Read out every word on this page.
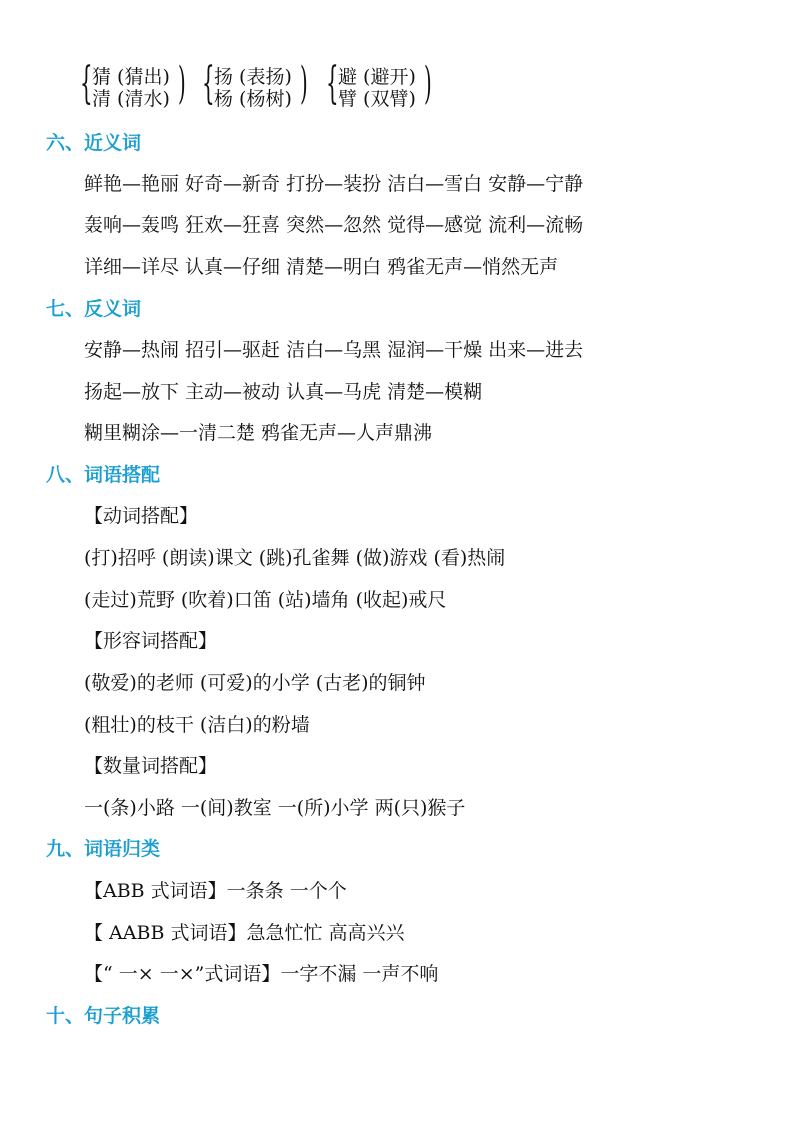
{ 猜 (猜出)
清 (清水) ) { 扬 (表扬)
杨 (杨树) ) { 避 (避开)
臂 (双臂) )
六、近义词
鲜艳—艳丽 好奇—新奇 打扮—装扮 洁白—雪白 安静—宁静
轰响—轰鸣 狂欢—狂喜 突然—忽然 觉得—感觉 流利—流畅
详细—详尽 认真—仔细 清楚—明白 鸦雀无声—悄然无声
七、反义词
安静—热闹 招引—驱赶 洁白—乌黑 湿润—干燥 出来—进去
扬起—放下 主动—被动 认真—马虎 清楚—模糊
糊里糊涂—一清二楚 鸦雀无声—人声鼎沸
八、词语搭配
【动词搭配】
(打)招呼 (朗读)课文 (跳)孔雀舞 (做)游戏 (看)热闹
(走过)荒野 (吹着)口笛 (站)墙角 (收起)戒尺
【形容词搭配】
(敬爱)的老师 (可爱)的小学 (古老)的铜钟
(粗壮)的枝干 (洁白)的粉墙
【数量词搭配】
一(条)小路 一(间)教室 一(所)小学 两(只)猴子
九、词语归类
【ABB 式词语】一条条 一个个
【 AABB 式词语】急急忙忙 高高兴兴
【“ 一× 一×”式词语】一字不漏 一声不响
十、句子积累
